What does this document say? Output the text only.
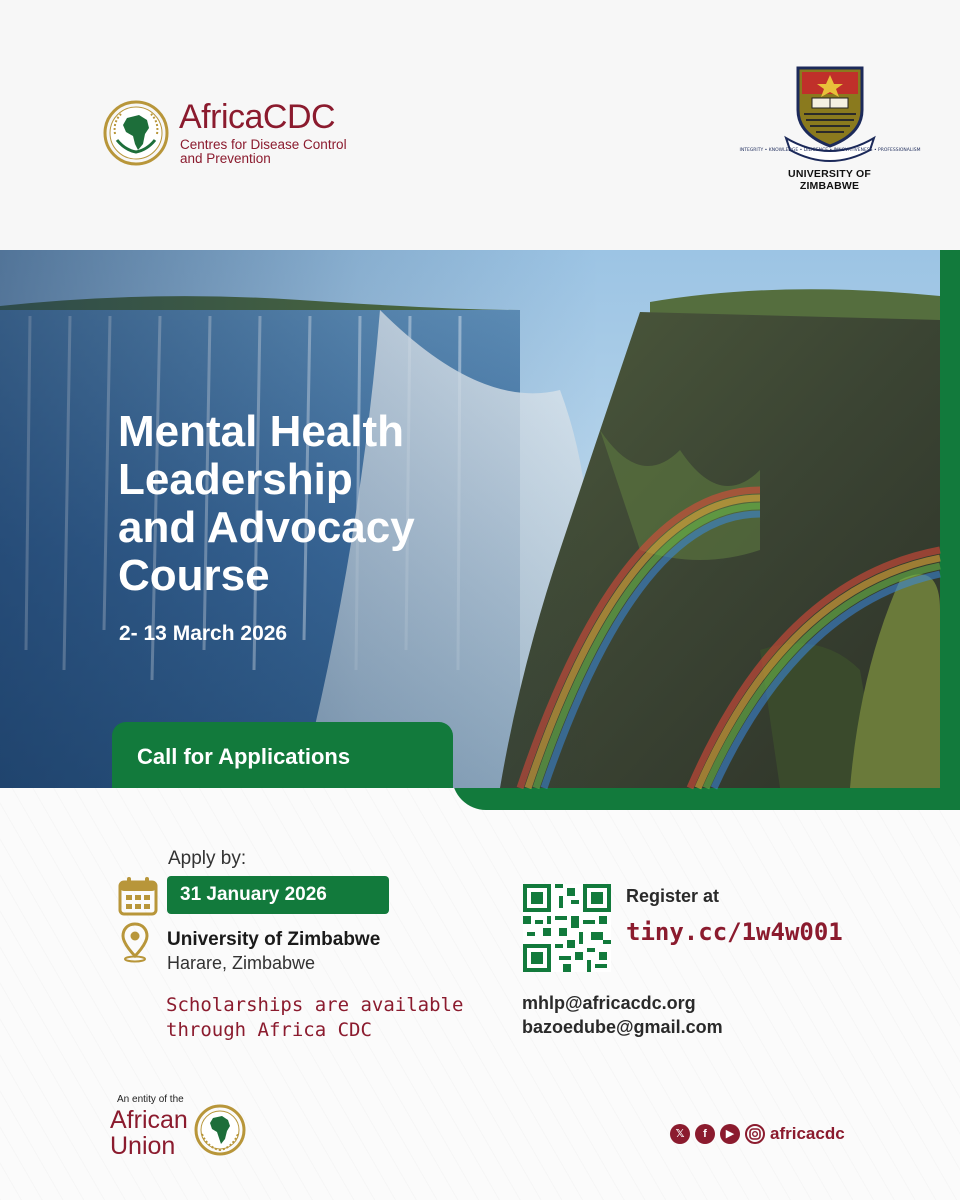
AfricaCDC
Centres for Disease Control and Prevention
INTEGRITY • KNOWLEDGE • DILIGENCE • INNOVATIVENESS • PROFESSIONALISM
UNIVERSITY OF ZIMBABWE
Mental Health
Leadership
and Advocacy
Course
2- 13 March 2026
Call for Applications
Apply by:
31 January 2026
University of Zimbabwe
Harare, Zimbabwe
Scholarships are available
through Africa CDC
Register at
tiny.cc/1w4w001
mhlp@africacdc.org
bazoedube@gmail.com
An entity of the
African Union	𝕏	f	▶	africacdc
